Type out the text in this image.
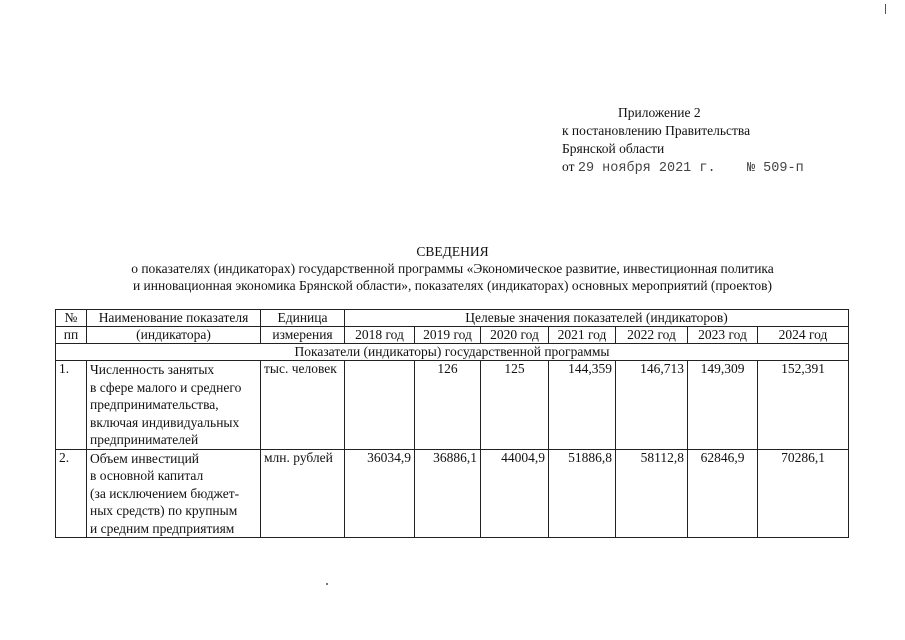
Приложение 2
к постановлению Правительства
Брянской области
от 29 ноября 2021 г. № 509-п
СВЕДЕНИЯ
о показателях (индикаторах) государственной программы «Экономическое развитие, инвестиционная политика
и инновационная экономика Брянской области», показателях (индикаторах) основных мероприятий (проектов)
№	Наименование показателя	Единица	Целевые значения показателей (индикаторов)						
пп	(индикатора)	измерения	2018 год	2019 год	2020 год	2021 год	2022 год	2023 год	2024 год
Показатели (индикаторы) государственной программы									
1.	Численность занятых
в сфере малого и среднего
предпринимательства,
включая индивидуальных
предпринимателей	тыс. человек		126	125	144,359	146,713	149,309	152,391
2.	Объем инвестиций
в основной капитал
(за исключением бюджет-
ных средств) по крупным
и средним предприятиям	млн. рублей	36034,9	36886,1	44004,9	51886,8	58112,8	62846,9	70286,1
